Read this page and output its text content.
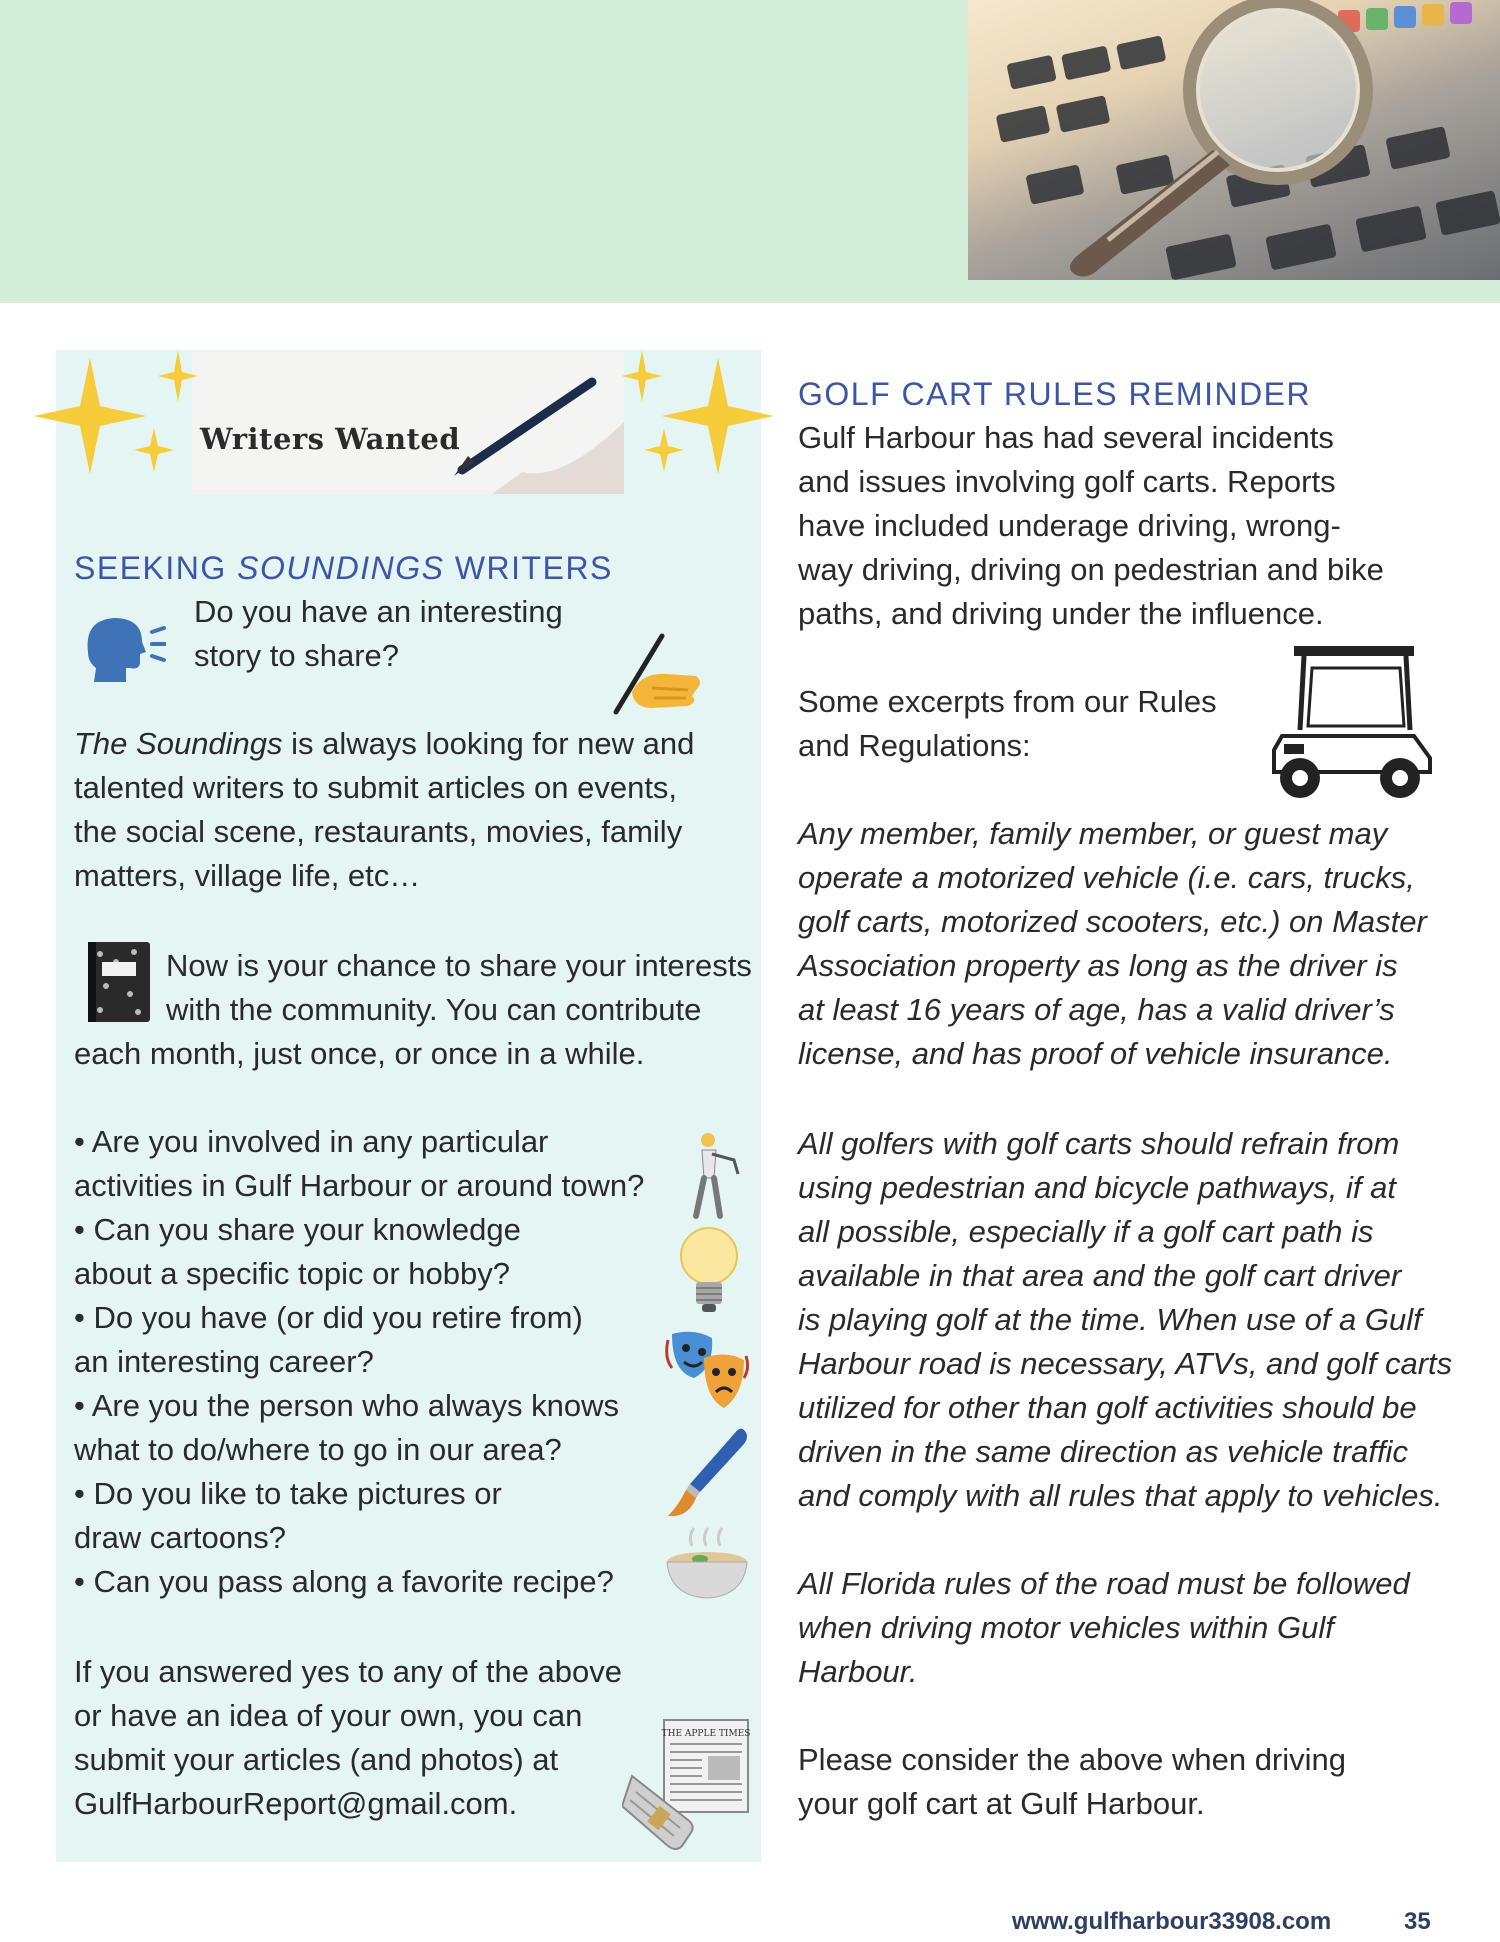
Writers Wanted
SEEKING SOUNDINGS WRITERS

Do you have an interesting
story to share?

The Soundings is always looking for new and
talented writers to submit articles on events,
the social scene, restaurants, movies, family
matters, village life, etc…

Now is your chance to share your interests
with the community. You can contribute

each month, just once, or once in a while.

• Are you involved in any particular
activities in Gulf Harbour or around town?
• Can you share your knowledge
about a specific topic or hobby?
• Do you have (or did you retire from)
an interesting career?
• Are you the person who always knows
what to do/where to go in our area?
• Do you like to take pictures or
draw cartoons?
• Can you pass along a favorite recipe?

If you answered yes to any of the above
or have an idea of your own, you can
submit your articles (and photos) at
GulfHarbourReport@gmail.com.

THE APPLE TIMES
GOLF CART RULES REMINDER

Gulf Harbour has had several incidents
and issues involving golf carts. Reports
have included underage driving, wrong-
way driving, driving on pedestrian and bike
paths, and driving under the influence.

Some excerpts from our Rules
and Regulations:

Any member, family member, or guest may
operate a motorized vehicle (i.e. cars, trucks,
golf carts, motorized scooters, etc.) on Master
Association property as long as the driver is
at least 16 years of age, has a valid driver’s
license, and has proof of vehicle insurance.

All golfers with golf carts should refrain from
using pedestrian and bicycle pathways, if at
all possible, especially if a golf cart path is
available in that area and the golf cart driver
is playing golf at the time. When use of a Gulf
Harbour road is necessary, ATVs, and golf carts
utilized for other than golf activities should be
driven in the same direction as vehicle traffic
and comply with all rules that apply to vehicles.

All Florida rules of the road must be followed
when driving motor vehicles within Gulf
Harbour.

Please consider the above when driving
your golf cart at Gulf Harbour.

www.gulfharbour33908.com	35
